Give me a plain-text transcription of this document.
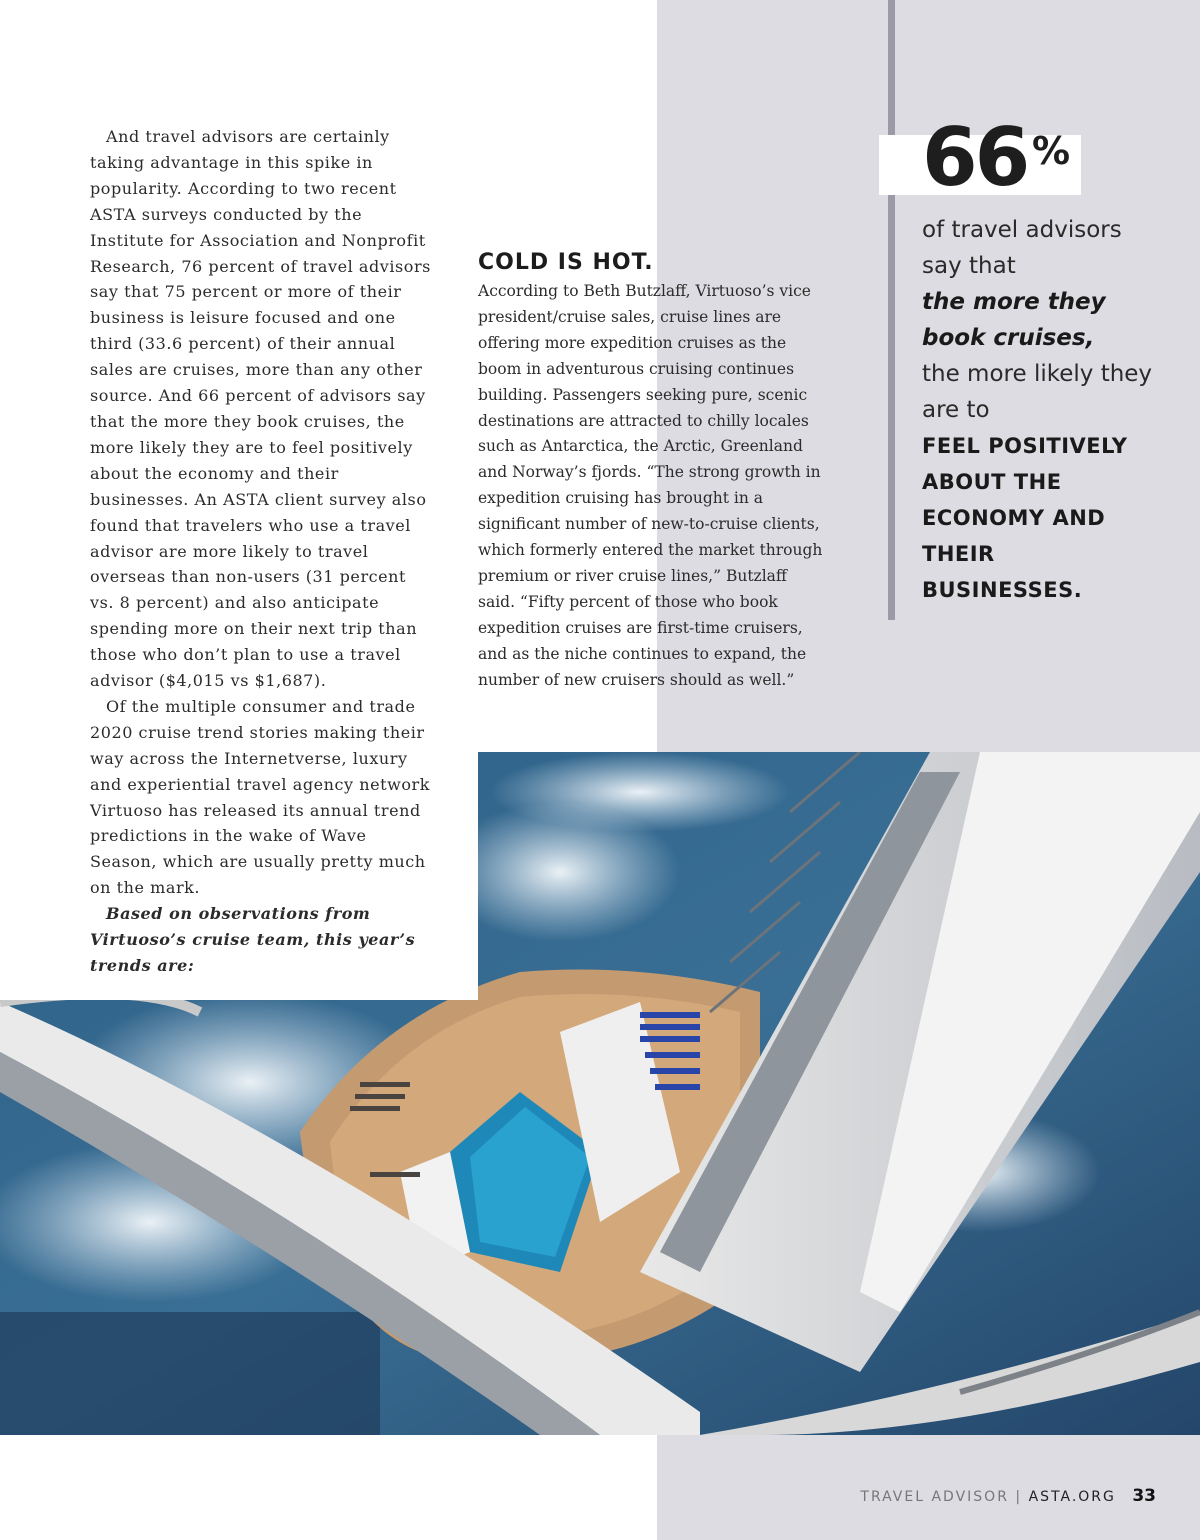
And travel advisors are certainly taking advantage in this spike in popularity. According to two recent ASTA surveys conducted by the Institute for Association and Nonprofit Research, 76 percent of travel advisors say that 75 percent or more of their business is leisure focused and one third (33.6 percent) of their annual sales are cruises, more than any other source. And 66 percent of advisors say that the more they book cruises, the more likely they are to feel positively about the economy and their businesses. An ASTA client survey also found that travelers who use a travel advisor are more likely to travel overseas than non-users (31 percent vs. 8 percent) and also anticipate spending more on their next trip than those who don’t plan to use a travel advisor ($4,015 vs $1,687).

Of the multiple consumer and trade 2020 cruise trend stories making their way across the Internetverse, luxury and experiential travel agency network Virtuoso has released its annual trend predictions in the wake of Wave Season, which are usually pretty much on the mark.

Based on observations from Virtuoso’s cruise team, this year’s trends are:

COLD IS HOT.

According to Beth Butzlaff, Virtuoso’s vice president/cruise sales, cruise lines are offering more expedition cruises as the boom in adventurous cruising continues building. Passengers seeking pure, scenic destinations are attracted to chilly locales such as Antarctica, the Arctic, Greenland and Norway’s fjords. “The strong growth in expedition cruising has brought in a significant number of new-to-cruise clients, which formerly entered the market through premium or river cruise lines,” Butzlaff said. “Fifty percent of those who book expedition cruises are first-time cruisers, and as the niche continues to expand, the number of new cruisers should as well.”

66 %
of travel advisors say that
the more they book cruises,
the more likely they are to
FEEL POSITIVELY ABOUT THE ECONOMY AND THEIR BUSINESSES.
TRAVEL ADVISOR | ASTA.ORG 33
